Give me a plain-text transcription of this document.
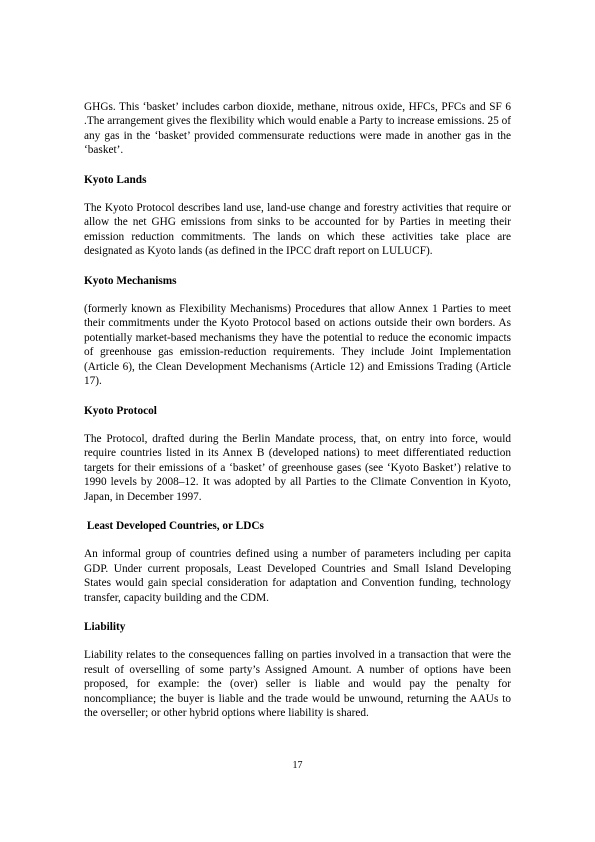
GHGs. This ‘basket’ includes carbon dioxide, methane, nitrous oxide, HFCs, PFCs and SF 6 .The arrangement gives the flexibility which would enable a Party to increase emissions. 25 of any gas in the ‘basket’ provided commensurate reductions were made in another gas in the ‘basket’.

Kyoto Lands

The Kyoto Protocol describes land use, land-use change and forestry activities that require or allow the net GHG emissions from sinks to be accounted for by Parties in meeting their emission reduction commitments. The lands on which these activities take place are designated as Kyoto lands (as defined in the IPCC draft report on LULUCF).

Kyoto Mechanisms

(formerly known as Flexibility Mechanisms) Procedures that allow Annex 1 Parties to meet their commitments under the Kyoto Protocol based on actions outside their own borders. As potentially market-based mechanisms they have the potential to reduce the economic impacts of greenhouse gas emission-reduction requirements. They include Joint Implementation (Article 6), the Clean Development Mechanisms (Article 12) and Emissions Trading (Article 17).

Kyoto Protocol

The Protocol, drafted during the Berlin Mandate process, that, on entry into force, would require countries listed in its Annex B (developed nations) to meet differentiated reduction targets for their emissions of a ‘basket’ of greenhouse gases (see ‘Kyoto Basket’) relative to 1990 levels by 2008–12. It was adopted by all Parties to the Climate Convention in Kyoto, Japan, in December 1997.

Least Developed Countries, or LDCs

An informal group of countries defined using a number of parameters including per capita GDP. Under current proposals, Least Developed Countries and Small Island Developing States would gain special consideration for adaptation and Convention funding, technology transfer, capacity building and the CDM.

Liability

Liability relates to the consequences falling on parties involved in a transaction that were the result of overselling of some party’s Assigned Amount. A number of options have been proposed, for example: the (over) seller is liable and would pay the penalty for noncompliance; the buyer is liable and the trade would be unwound, returning the AAUs to the overseller; or other hybrid options where liability is shared.

17
